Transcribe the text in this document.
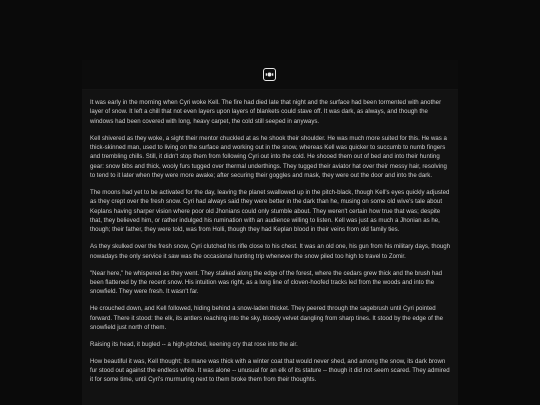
It was early in the morning when Cyri woke Kell. The fire had died late that night and the surface had been tormented with another layer of snow. It left a chill that not even layers upon layers of blankets could stave off. It was dark, as always, and though the windows had been covered with long, heavy carpet, the cold still seeped in anyways.

Kell shivered as they woke, a sight their mentor chuckled at as he shook their shoulder. He was much more suited for this. He was a thick-skinned man, used to living on the surface and working out in the snow, whereas Kell was quicker to succumb to numb fingers and trembling chills. Still, it didn't stop them from following Cyri out into the cold. He shooed them out of bed and into their hunting gear: snow bibs and thick, wooly furs tugged over thermal underthings. They tugged their aviator hat over their messy hair, resolving to tend to it later when they were more awake; after securing their goggles and mask, they were out the door and into the dark.

The moons had yet to be activated for the day, leaving the planet swallowed up in the pitch-black, though Kell's eyes quickly adjusted as they crept over the fresh snow. Cyri had always said they were better in the dark than he, musing on some old wive's tale about Keplans having sharper vision where poor old Jhonians could only stumble about. They weren't certain how true that was; despite that, they believed him, or rather indulged his rumination with an audience willing to listen. Kell was just as much a Jhonian as he, though; their father, they were told, was from Holli, though they had Keplan blood in their veins from old family ties.

As they skulked over the fresh snow, Cyri clutched his rifle close to his chest. It was an old one, his gun from his military days, though nowadays the only service it saw was the occasional hunting trip whenever the snow piled too high to travel to Zomir.

"Near here," he whispered as they went. They stalked along the edge of the forest, where the cedars grew thick and the brush had been flattened by the recent snow. His intuition was right, as a long line of cloven-hoofed tracks led from the woods and into the snowfield. They were fresh. It wasn't far.

He crouched down, and Kell followed, hiding behind a snow-laden thicket. They peered through the sagebrush until Cyri pointed forward. There it stood: the elk, its antlers reaching into the sky, bloody velvet dangling from sharp tines. It stood by the edge of the snowfield just north of them.

Raising its head, it bugled -- a high-pitched, keening cry that rose into the air.

How beautiful it was, Kell thought; its mane was thick with a winter coat that would never shed, and among the snow, its dark brown fur stood out against the endless white. It was alone -- unusual for an elk of its stature -- though it did not seem scared. They admired it for some time, until Cyri's murmuring next to them broke them from their thoughts.
